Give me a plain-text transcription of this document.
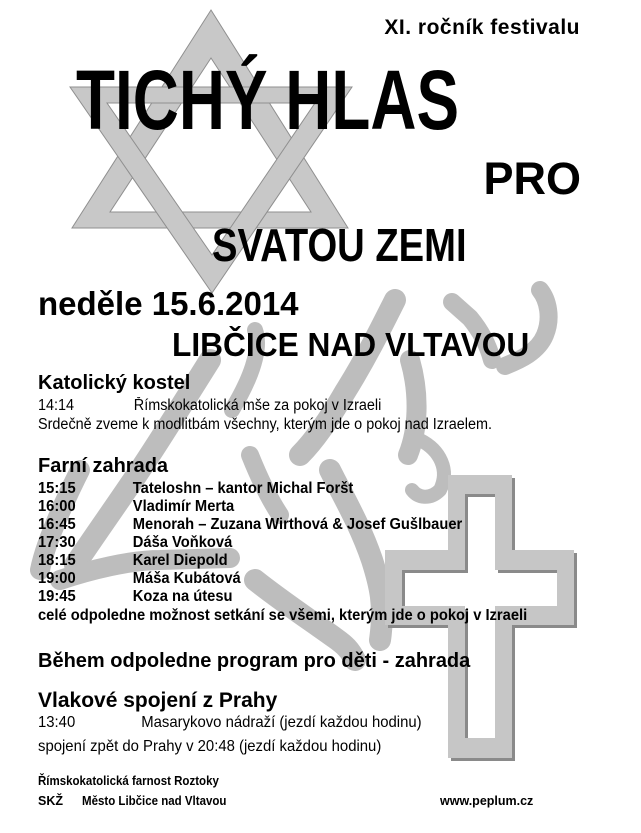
XI. ročník festivalu
TICHÝ HLAS
PRO
SVATOU ZEMI
neděle 15.6.2014
LIBČICE NAD VLTAVOU
Katolický kostel
14:14	Římskokatolická mše za pokoj v Izraeli
Srdečně zveme k modlitbám všechny, kterým jde o pokoj nad Izraelem.
Farní zahrada
15:15	Tateloshn – kantor Michal Foršt
16:00	Vladimír Merta
16:45	Menorah – Zuzana Wirthová & Josef Gušlbauer
17:30	Dáša Voňková
18:15	Karel Diepold
19:00	Máša Kubátová
19:45	Koza na útesu
celé odpoledne možnost setkání se všemi, kterým jde o pokoj v Izraeli
Během odpoledne program pro děti - zahrada
Vlakové spojení z Prahy
13:40	Masarykovo nádraží (jezdí každou hodinu)
spojení zpět do Prahy v 20:48 (jezdí každou hodinu)
Římskokatolická farnost Roztoky
SKŽ Město Libčice nad Vltavou	www.peplum.cz
